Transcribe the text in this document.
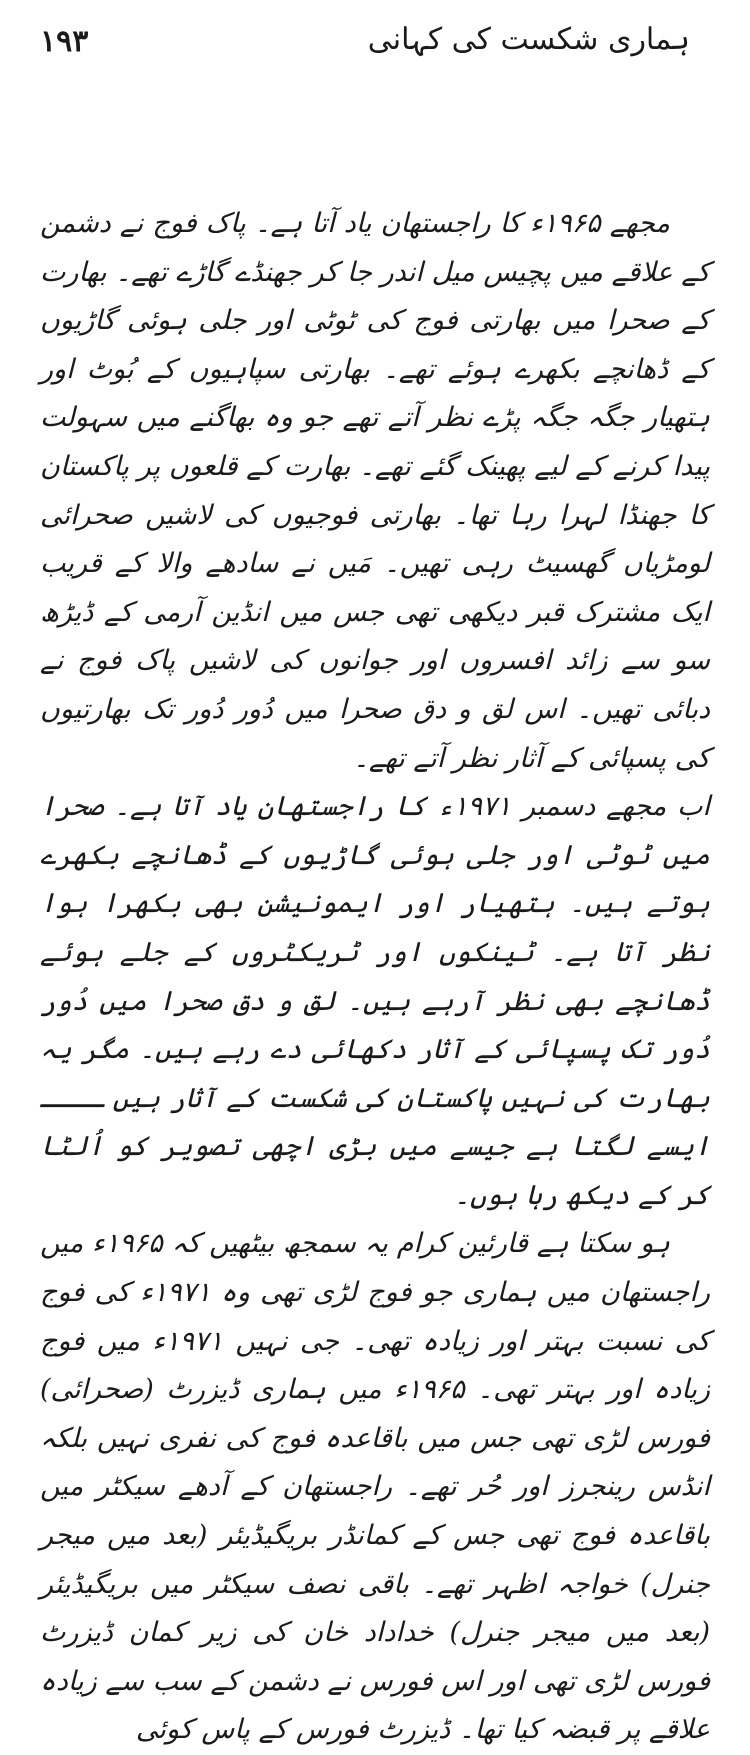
۱۹۳	ہماری شکست کی کہانی

مجھے ۱۹۶۵ء کا راجستھان یاد آتا ہے۔ پاک فوج نے دشمن کے علاقے میں پچیس میل اندر جا کر جھنڈے گاڑے تھے۔ بھارت کے صحرا میں بھارتی فوج کی ٹوٹی اور جلی ہوئی گاڑیوں کے ڈھانچے بکھرے ہوئے تھے۔ بھارتی سپاہیوں کے بُوٹ اور ہتھیار جگہ جگہ پڑے نظر آتے تھے جو وہ بھاگنے میں سہولت پیدا کرنے کے لیے پھینک گئے تھے۔ بھارت کے قلعوں پر پاکستان کا جھنڈا لہرا رہا تھا۔ بھارتی فوجیوں کی لاشیں صحرائی لومڑیاں گھسیٹ رہی تھیں۔ مَیں نے سادھے والا کے قریب ایک مشترک قبر دیکھی تھی جس میں انڈین آرمی کے ڈیڑھ سو سے زائد افسروں اور جوانوں کی لاشیں پاک فوج نے دبائی تھیں۔ اس لق و دق صحرا میں دُور دُور تک بھارتیوں کی پسپائی کے آثار نظر آتے تھے۔

اب مجھے دسمبر ۱۹۷۱ء کا راجستھان یاد آتا ہے۔ صحرا میں ٹوٹی اور جلی ہوئی گاڑیوں کے ڈھانچے بکھرے ہوتے ہیں۔ ہتھیار اور ایمونیشن بھی بکھرا ہوا نظر آتا ہے۔ ٹینکوں اور ٹریکٹروں کے جلے ہوئے ڈھانچے بھی نظر آرہے ہیں۔ لق و دق صحرا میں دُور دُور تک پسپائی کے آثار دکھائی دے رہے ہیں۔ مگر یہ بھارت کی نہیں پاکستان کی شکست کے آثار ہیں ــــ ایسے لگتا ہے جیسے میں بڑی اچھی تصویر کو اُلٹا کر کے دیکھ رہا ہوں۔

ہو سکتا ہے قارئین کرام یہ سمجھ بیٹھیں کہ ۱۹۶۵ء میں راجستھان میں ہماری جو فوج لڑی تھی وہ ۱۹۷۱ء کی فوج کی نسبت بہتر اور زیادہ تھی۔ جی نہیں ۱۹۷۱ء میں فوج زیادہ اور بہتر تھی۔ ۱۹۶۵ء میں ہماری ڈیزرٹ (صحرائی) فورس لڑی تھی جس میں باقاعدہ فوج کی نفری نہیں بلکہ انڈس رینجرز اور حُر تھے۔ راجستھان کے آدھے سیکٹر میں باقاعدہ فوج تھی جس کے کمانڈر بریگیڈیئر (بعد میں میجر جنرل) خواجہ اظہر تھے۔ باقی نصف سیکٹر میں بریگیڈیئر (بعد میں میجر جنرل) خداداد خان کی زیر کمان ڈیزرٹ فورس لڑی تھی اور اس فورس نے دشمن کے سب سے زیادہ علاقے پر قبضہ کیا تھا۔ ڈیزرٹ فورس کے پاس کوئی
